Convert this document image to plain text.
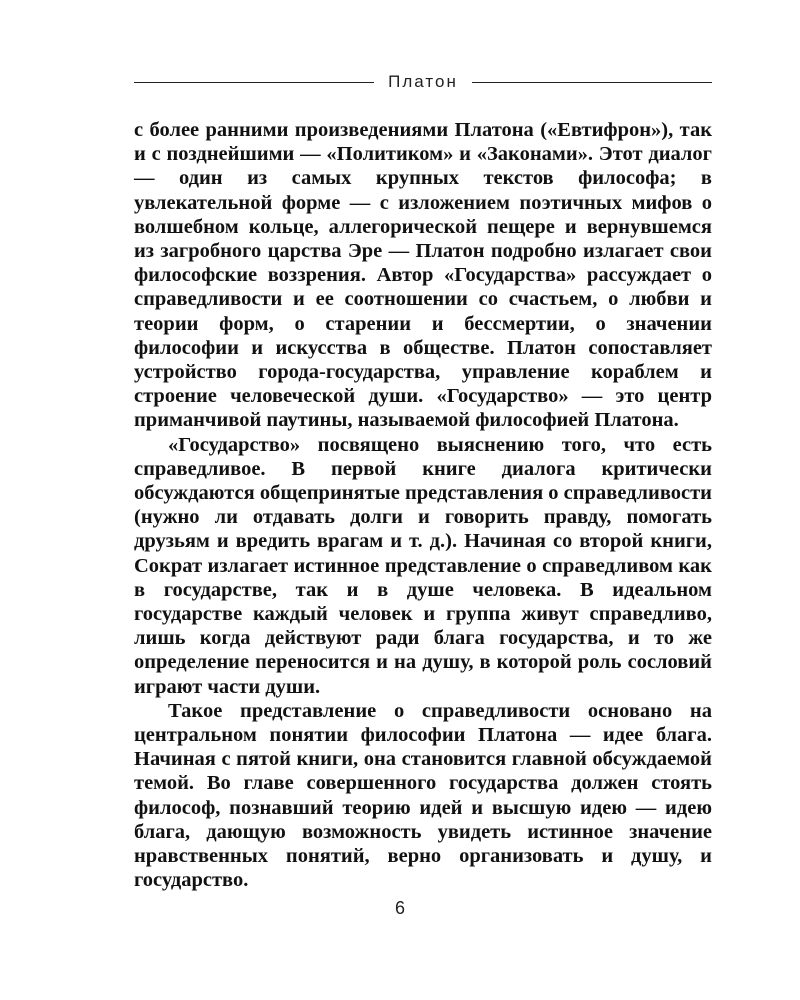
Платон

с более ранними произведениями Платона («Евтифрон»), так и с позднейшими — «Политиком» и «Законами». Этот диалог — один из самых крупных текстов философа; в увлекательной форме — с изложением поэтичных мифов о волшебном кольце, аллегорической пещере и вернувшемся из загробного царства Эре — Платон подробно излагает свои философские воззрения. Автор «Государства» рассуждает о справедливости и ее соотношении со счастьем, о любви и теории форм, о старении и бессмертии, о значении философии и искусства в обществе. Платон сопоставляет устройство города-государства, управление кораблем и строение человеческой души. «Государство» — это центр приманчивой паутины, называемой философией Платона.

«Государство» посвящено выяснению того, что есть справедливое. В первой книге диалога критически обсуждаются общепринятые представления о справедливости (нужно ли отдавать долги и говорить правду, помогать друзьям и вредить врагам и т. д.). Начиная со второй книги, Сократ излагает истинное представление о справедливом как в государстве, так и в душе человека. В идеальном государстве каждый человек и группа живут справедливо, лишь когда действуют ради блага государства, и то же определение переносится и на душу, в которой роль сословий играют части души.

Такое представление о справедливости основано на центральном понятии философии Платона — идее блага. Начиная с пятой книги, она становится главной обсуждаемой темой. Во главе совершенного государства должен стоять философ, познавший теорию идей и высшую идею — идею блага, дающую возможность увидеть истинное значение нравственных понятий, верно организовать и душу, и государство.

6
